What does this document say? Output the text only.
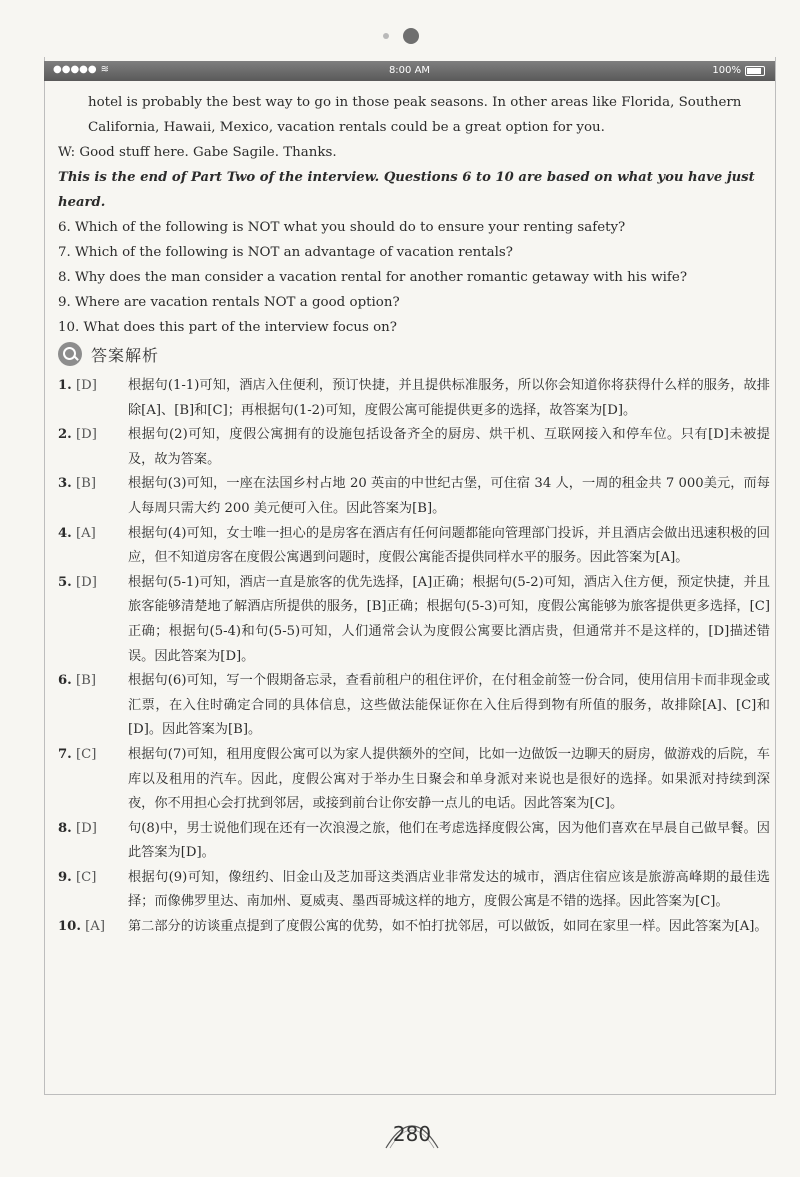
●●●●● ≋	8:00 AM	100%

hotel is probably the best way to go in those peak seasons. In other areas like Florida, Southern California, Hawaii, Mexico, vacation rentals could be a great option for you.

W: Good stuff here. Gabe Sagile. Thanks.

This is the end of Part Two of the interview. Questions 6 to 10 are based on what you have just heard.

6. Which of the following is NOT what you should do to ensure your renting safety?

7. Which of the following is NOT an advantage of vacation rentals?

8. Why does the man consider a vacation rental for another romantic getaway with his wife?

9. Where are vacation rentals NOT a good option?

10. What does this part of the interview focus on?

答案解析
1. [D]	根据句(1-1)可知，酒店入住便利，预订快捷，并且提供标准服务，所以你会知道你将获得什么样的服务，故排除[A]、[B]和[C]；再根据句(1-2)可知，度假公寓可能提供更多的选择，故答案为[D]。
2. [D]	根据句(2)可知，度假公寓拥有的设施包括设备齐全的厨房、烘干机、互联网接入和停车位。只有[D]未被提及，故为答案。
3. [B]	根据句(3)可知，一座在法国乡村占地 20 英亩的中世纪古堡，可住宿 34 人，一周的租金共 7 000美元，而每人每周只需大约 200 美元便可入住。因此答案为[B]。
4. [A]	根据句(4)可知，女士唯一担心的是房客在酒店有任何问题都能向管理部门投诉，并且酒店会做出迅速积极的回应，但不知道房客在度假公寓遇到问题时，度假公寓能否提供同样水平的服务。因此答案为[A]。
5. [D]	根据句(5-1)可知，酒店一直是旅客的优先选择，[A]正确；根据句(5-2)可知，酒店入住方便，预定快捷，并且旅客能够清楚地了解酒店所提供的服务，[B]正确；根据句(5-3)可知，度假公寓能够为旅客提供更多选择，[C]正确；根据句(5-4)和句(5-5)可知，人们通常会认为度假公寓要比酒店贵，但通常并不是这样的，[D]描述错误。因此答案为[D]。
6. [B]	根据句(6)可知，写一个假期备忘录，查看前租户的租住评价，在付租金前签一份合同，使用信用卡而非现金或汇票，在入住时确定合同的具体信息，这些做法能保证你在入住后得到物有所值的服务，故排除[A]、[C]和[D]。因此答案为[B]。
7. [C]	根据句(7)可知，租用度假公寓可以为家人提供额外的空间，比如一边做饭一边聊天的厨房，做游戏的后院，车库以及租用的汽车。因此，度假公寓对于举办生日聚会和单身派对来说也是很好的选择。如果派对持续到深夜，你不用担心会打扰到邻居，或接到前台让你安静一点儿的电话。因此答案为[C]。
8. [D]	句(8)中，男士说他们现在还有一次浪漫之旅，他们在考虑选择度假公寓，因为他们喜欢在早晨自己做早餐。因此答案为[D]。
9. [C]	根据句(9)可知，像纽约、旧金山及芝加哥这类酒店业非常发达的城市，酒店住宿应该是旅游高峰期的最佳选择；而像佛罗里达、南加州、夏威夷、墨西哥城这样的地方，度假公寓是不错的选择。因此答案为[C]。
10. [A]	第二部分的访谈重点提到了度假公寓的优势，如不怕打扰邻居，可以做饭，如同在家里一样。因此答案为[A]。
280
